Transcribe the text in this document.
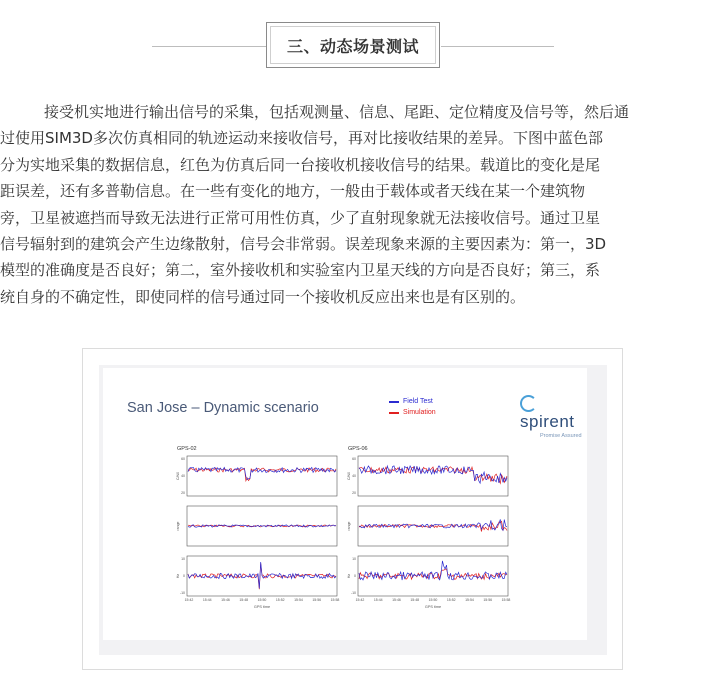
三、动态场景测试
接受机实地进行输出信号的采集，包括观测量、信息、尾距、定位精度及信号等，然后通
过使用SIM3D多次仿真相同的轨迹运动来接收信号，再对比接收结果的差异。下图中蓝色部
分为实地采集的数据信息，红色为仿真后同一台接收机接收信号的结果。载道比的变化是尾
距误差，还有多普勒信息。在一些有变化的地方，一般由于载体或者天线在某一个建筑物
旁，卫星被遮挡而导致无法进行正常可用性仿真，少了直射现象就无法接收信号。通过卫星
信号辐射到的建筑会产生边缘散射，信号会非常弱。误差现象来源的主要因素为：第一，3D
模型的准确度是否良好；第二，室外接收机和实验室内卫星天线的方向是否良好；第三，系
统自身的不确定性，即使同样的信号通过同一个接收机反应出来也是有区别的。
San Jose – Dynamic scenario	Field Test
Simulation	spirent
Promise Assured
GPS-02
C/N0
60
40
20
range
Hz
10
0
-10
15:42	15:44	15:46	15:48	15:50	15:52	15:54	15:56	15:58
GPS time
GPS-06
C/N0
60
40
20
range
Hz
10
0
-10
15:42	15:44	15:46	15:48	15:50	15:52	15:54	15:56	15:58
GPS time
